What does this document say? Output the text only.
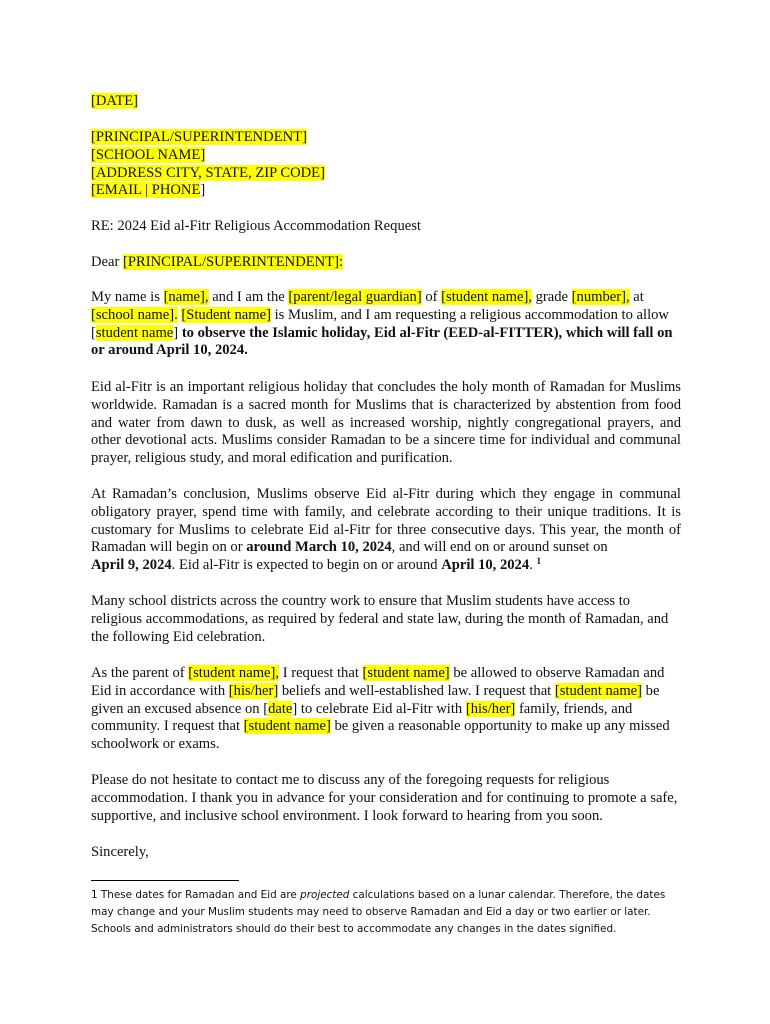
[DATE]

[PRINCIPAL/SUPERINTENDENT]
[SCHOOL NAME]
[ADDRESS CITY, STATE, ZIP CODE]
[EMAIL | PHONE]

RE: 2024 Eid al-Fitr Religious Accommodation Request

Dear [PRINCIPAL/SUPERINTENDENT]:

My name is [name], and I am the [parent/legal guardian] of [student name], grade [number], at
[school name]. [Student name] is Muslim, and I am requesting a religious accommodation to allow [student name] to observe the Islamic holiday, Eid al-Fitr (EED-al-FITTER), which will fall on or around April 10, 2024.

Eid al-Fitr is an important religious holiday that concludes the holy month of Ramadan for Muslims worldwide. Ramadan is a sacred month for Muslims that is characterized by abstention from food and water from dawn to dusk, as well as increased worship, nightly congregational prayers, and other devotional acts. Muslims consider Ramadan to be a sincere time for individual and communal prayer, religious study, and moral edification and purification.

At Ramadan’s conclusion, Muslims observe Eid al-Fitr during which they engage in communal obligatory prayer, spend time with family, and celebrate according to their unique traditions. It is customary for Muslims to celebrate Eid al-Fitr for three consecutive days. This year, the month of Ramadan will begin on or around March 10, 2024, and will end on or around sunset on
April 9, 2024. Eid al-Fitr is expected to begin on or around April 10, 2024. $^1$

Many school districts across the country work to ensure that Muslim students have access to religious accommodations, as required by federal and state law, during the month of Ramadan, and the following Eid celebration.

As the parent of [student name], I request that [student name] be allowed to observe Ramadan and Eid in accordance with [his/her] beliefs and well-established law. I request that [student name] be given an excused absence on [date] to celebrate Eid al-Fitr with [his/her] family, friends, and community. I request that [student name] be given a reasonable opportunity to make up any missed schoolwork or exams.

Please do not hesitate to contact me to discuss any of the foregoing requests for religious accommodation. I thank you in advance for your consideration and for continuing to promote a safe, supportive, and inclusive school environment. I look forward to hearing from you soon.

Sincerely,

1 These dates for Ramadan and Eid are projected calculations based on a lunar calendar. Therefore, the dates may change and your Muslim students may need to observe Ramadan and Eid a day or two earlier or later. Schools and administrators should do their best to accommodate any changes in the dates signified.
